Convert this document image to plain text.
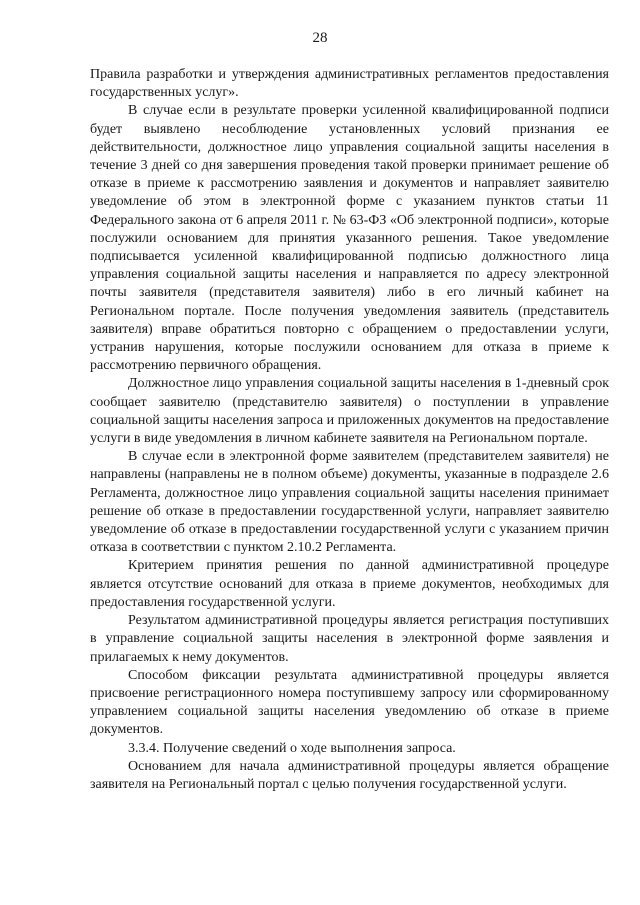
28

Правила разработки и утверждения административных регламентов предоставления государственных услуг».

В случае если в результате проверки усиленной квалифицированной подписи будет выявлено несоблюдение установленных условий признания ее действительности, должностное лицо управления социальной защиты населения в течение 3 дней со дня завершения проведения такой проверки принимает решение об отказе в приеме к рассмотрению заявления и документов и направляет заявителю уведомление об этом в электронной форме с указанием пунктов статьи 11 Федерального закона от 6 апреля 2011 г. № 63-ФЗ «Об электронной подписи», которые послужили основанием для принятия указанного решения. Такое уведомление подписывается усиленной квалифицированной подписью должностного лица управления социальной защиты населения и направляется по адресу электронной почты заявителя (представителя заявителя) либо в его личный кабинет на Региональном портале. После получения уведомления заявитель (представитель заявителя) вправе обратиться повторно с обращением о предоставлении услуги, устранив нарушения, которые послужили основанием для отказа в приеме к рассмотрению первичного обращения.

Должностное лицо управления социальной защиты населения в 1-дневный срок сообщает заявителю (представителю заявителя) о поступлении в управление социальной защиты населения запроса и приложенных документов на предоставление услуги в виде уведомления в личном кабинете заявителя на Региональном портале.

В случае если в электронной форме заявителем (представителем заявителя) не направлены (направлены не в полном объеме) документы, указанные в подразделе 2.6 Регламента, должностное лицо управления социальной защиты населения принимает решение об отказе в предоставлении государственной услуги, направляет заявителю уведомление об отказе в предоставлении государственной услуги с указанием причин отказа в соответствии с пунктом 2.10.2 Регламента.

Критерием принятия решения по данной административной процедуре является отсутствие оснований для отказа в приеме документов, необходимых для предоставления государственной услуги.

Результатом административной процедуры является регистрация поступивших в управление социальной защиты населения в электронной форме заявления и прилагаемых к нему документов.

Способом фиксации результата административной процедуры является присвоение регистрационного номера поступившему запросу или сформированному управлением социальной защиты населения уведомлению об отказе в приеме документов.

3.3.4. Получение сведений о ходе выполнения запроса.

Основанием для начала административной процедуры является обращение заявителя на Региональный портал с целью получения государственной услуги.
